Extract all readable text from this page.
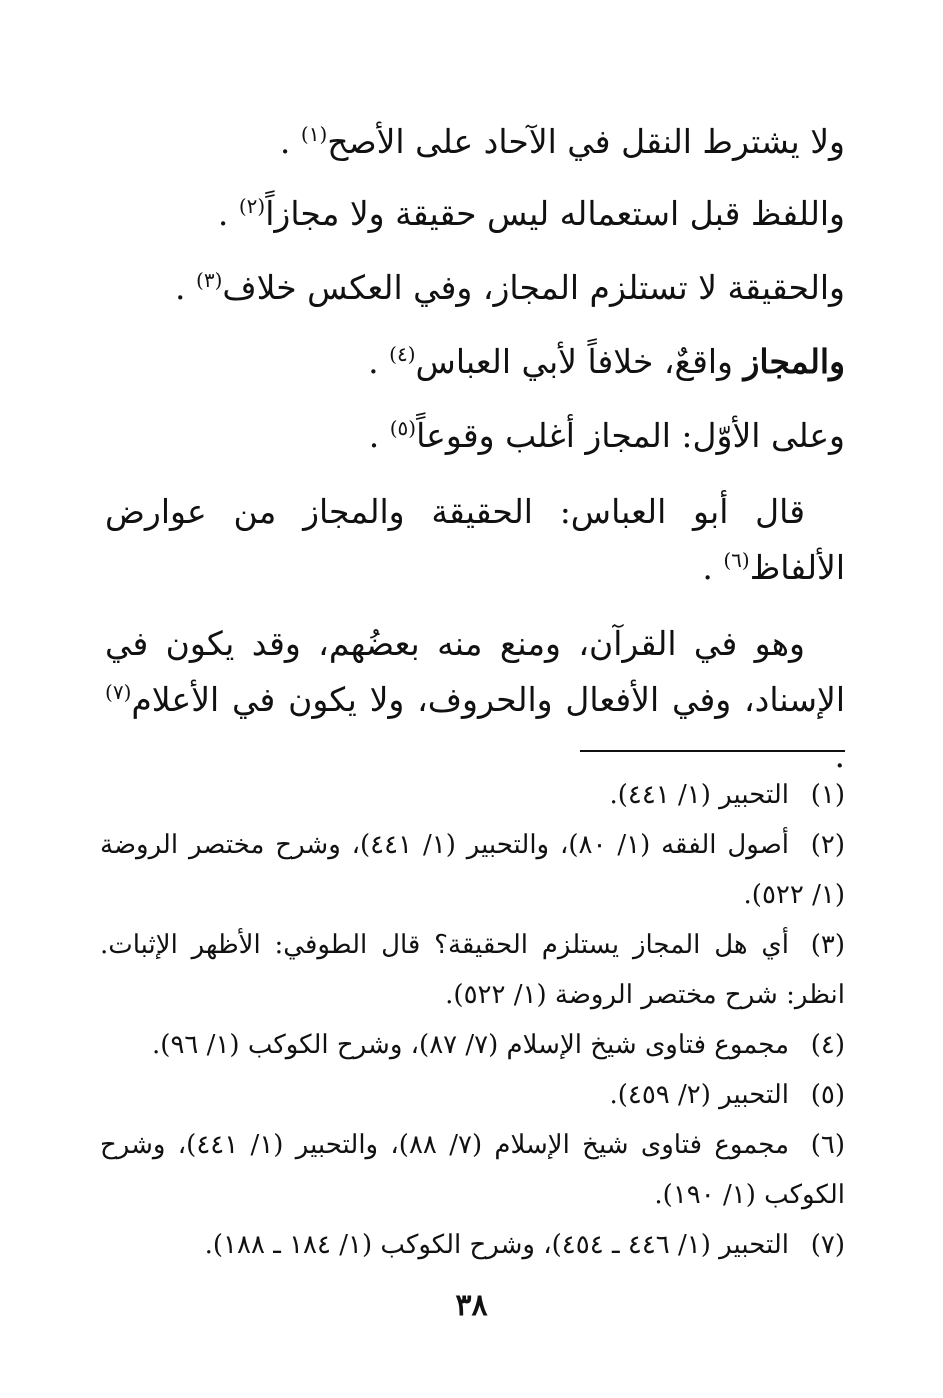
ولا يشترط النقل في الآحاد على الأصح$^{(١)}$ .
واللفظ قبل استعماله ليس حقيقة ولا مجازاً$^{(٢)}$ .
والحقيقة لا تستلزم المجاز، وفي العكس خلاف$^{(٣)}$ .
والمجاز واقعٌ، خلافاً لأبي العباس$^{(٤)}$ .
وعلى الأوّل: المجاز أغلب وقوعاً$^{(٥)}$ .
قال أبو العباس: الحقيقة والمجاز من عوارض الألفاظ$^{(٦)}$ .
وهو في القرآن، ومنع منه بعضُهم، وقد يكون في الإسناد، وفي الأفعال والحروف، ولا يكون في الأعلام$^{(٧)}$ .
(١)التحبير (١/ ٤٤١).
(٢)أصول الفقه (١/ ٨٠)، والتحبير (١/ ٤٤١)، وشرح مختصر الروضة (١/ ٥٢٢).
(٣)أي هل المجاز يستلزم الحقيقة؟ قال الطوفي: الأظهر الإثبات. انظر: شرح مختصر الروضة (١/ ٥٢٢).
(٤)مجموع فتاوى شيخ الإسلام (٧/ ٨٧)، وشرح الكوكب (١/ ٩٦).
(٥)التحبير (٢/ ٤٥٩).
(٦)مجموع فتاوى شيخ الإسلام (٧/ ٨٨)، والتحبير (١/ ٤٤١)، وشرح الكوكب (١/ ١٩٠).
(٧)التحبير (١/ ٤٤٦ ـ ٤٥٤)، وشرح الكوكب (١/ ١٨٤ ـ ١٨٨).
٣٨
